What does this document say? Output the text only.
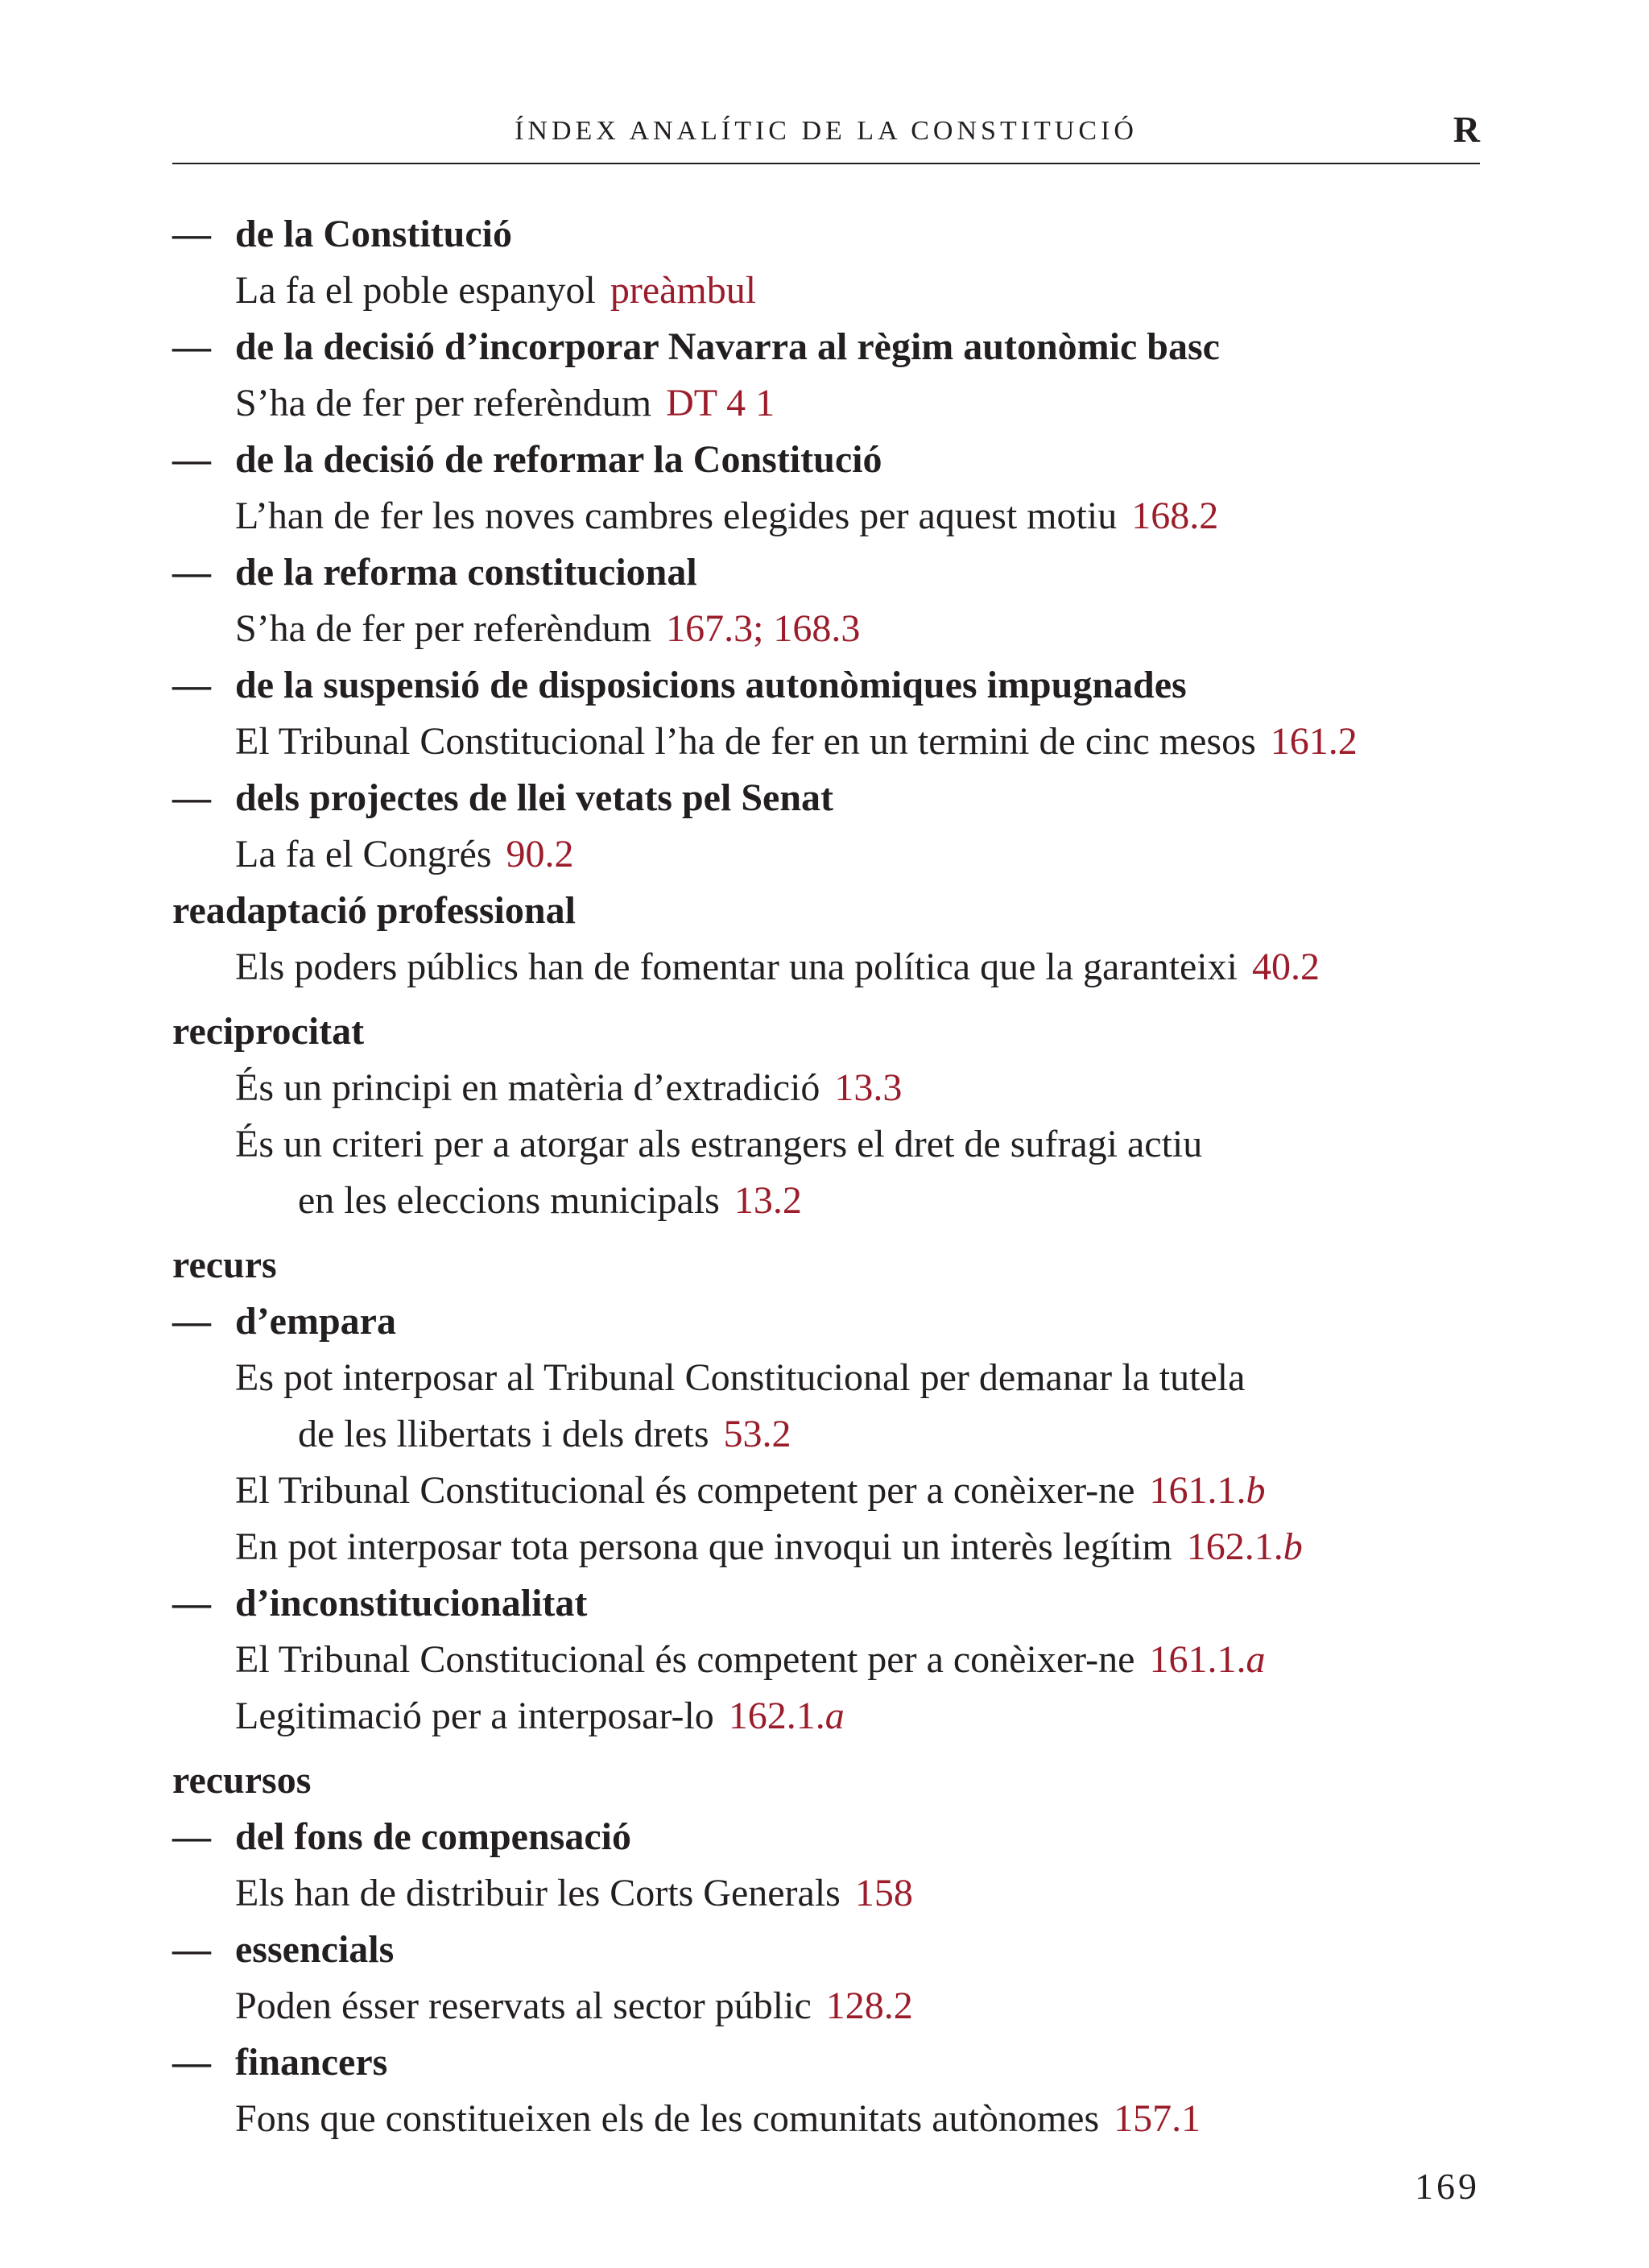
ÍNDEX ANALÍTIC DE LA CONSTITUCIÓ	R
— de la Constitució
La fa el poble espanyol preàmbul
— de la decisió d’incorporar Navarra al règim autonòmic basc
S’ha de fer per referèndum DT 4 1
— de la decisió de reformar la Constitució
L’han de fer les noves cambres elegides per aquest motiu 168.2
— de la reforma constitucional
S’ha de fer per referèndum 167.3; 168.3
— de la suspensió de disposicions autonòmiques impugnades
El Tribunal Constitucional l’ha de fer en un termini de cinc mesos 161.2
— dels projectes de llei vetats pel Senat
La fa el Congrés 90.2
readaptació professional
Els poders públics han de fomentar una política que la garanteixi 40.2
reciprocitat
És un principi en matèria d’extradició 13.3
És un criteri per a atorgar als estrangers el dret de sufragi actiu
en les eleccions municipals 13.2
recurs
— d’empara
Es pot interposar al Tribunal Constitucional per demanar la tutela
de les llibertats i dels drets 53.2
El Tribunal Constitucional és competent per a conèixer-ne 161.1.b
En pot interposar tota persona que invoqui un interès legítim 162.1.b
— d’inconstitucionalitat
El Tribunal Constitucional és competent per a conèixer-ne 161.1.a
Legitimació per a interposar-lo 162.1.a
recursos
— del fons de compensació
Els han de distribuir les Corts Generals 158
— essencials
Poden ésser reservats al sector públic 128.2
— financers
Fons que constitueixen els de les comunitats autònomes 157.1
169
